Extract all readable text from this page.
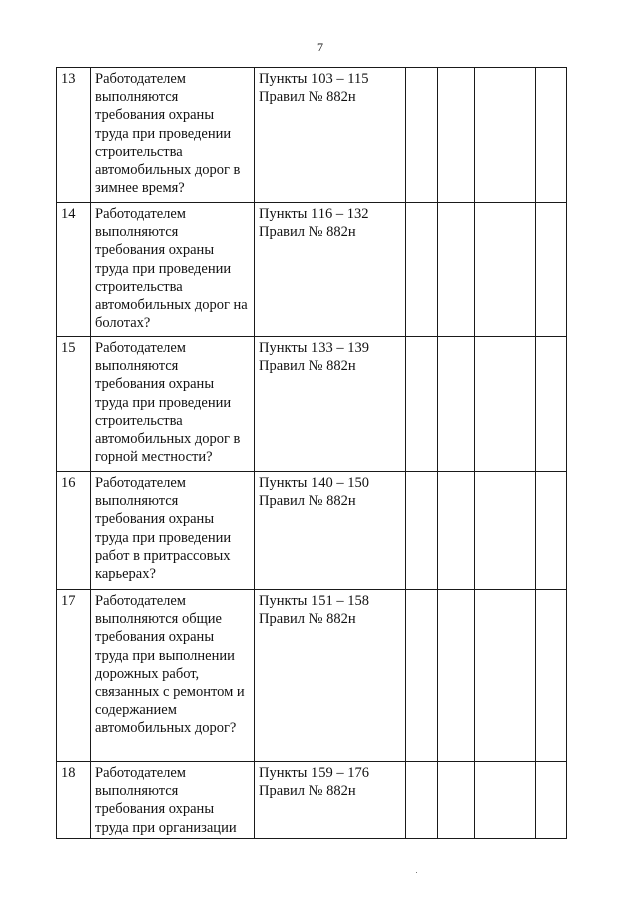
7
13	Работодателем выполняются требования охраны труда при проведении строительства автомобильных дорог в зимнее время?	Пункты 103 – 115
Правил № 882н				

14	Работодателем выполняются требования охраны труда при проведении строительства автомобильных дорог на болотах?	Пункты 116 – 132
Правил № 882н				

15	Работодателем выполняются требования охраны труда при проведении строительства автомобильных дорог в горной местности?	Пункты 133 – 139
Правил № 882н				

16	Работодателем выполняются требования охраны труда при проведении работ в притрассовых карьерах?	Пункты 140 – 150
Правил № 882н				

17	Работодателем выполняются общие требования охраны труда при выполнении дорожных работ, связанных с ремонтом и содержанием автомобильных дорог?	Пункты 151 – 158
Правил № 882н				

18	Работодателем выполняются требования охраны труда при организации	Пункты 159 – 176
Правил № 882н				
